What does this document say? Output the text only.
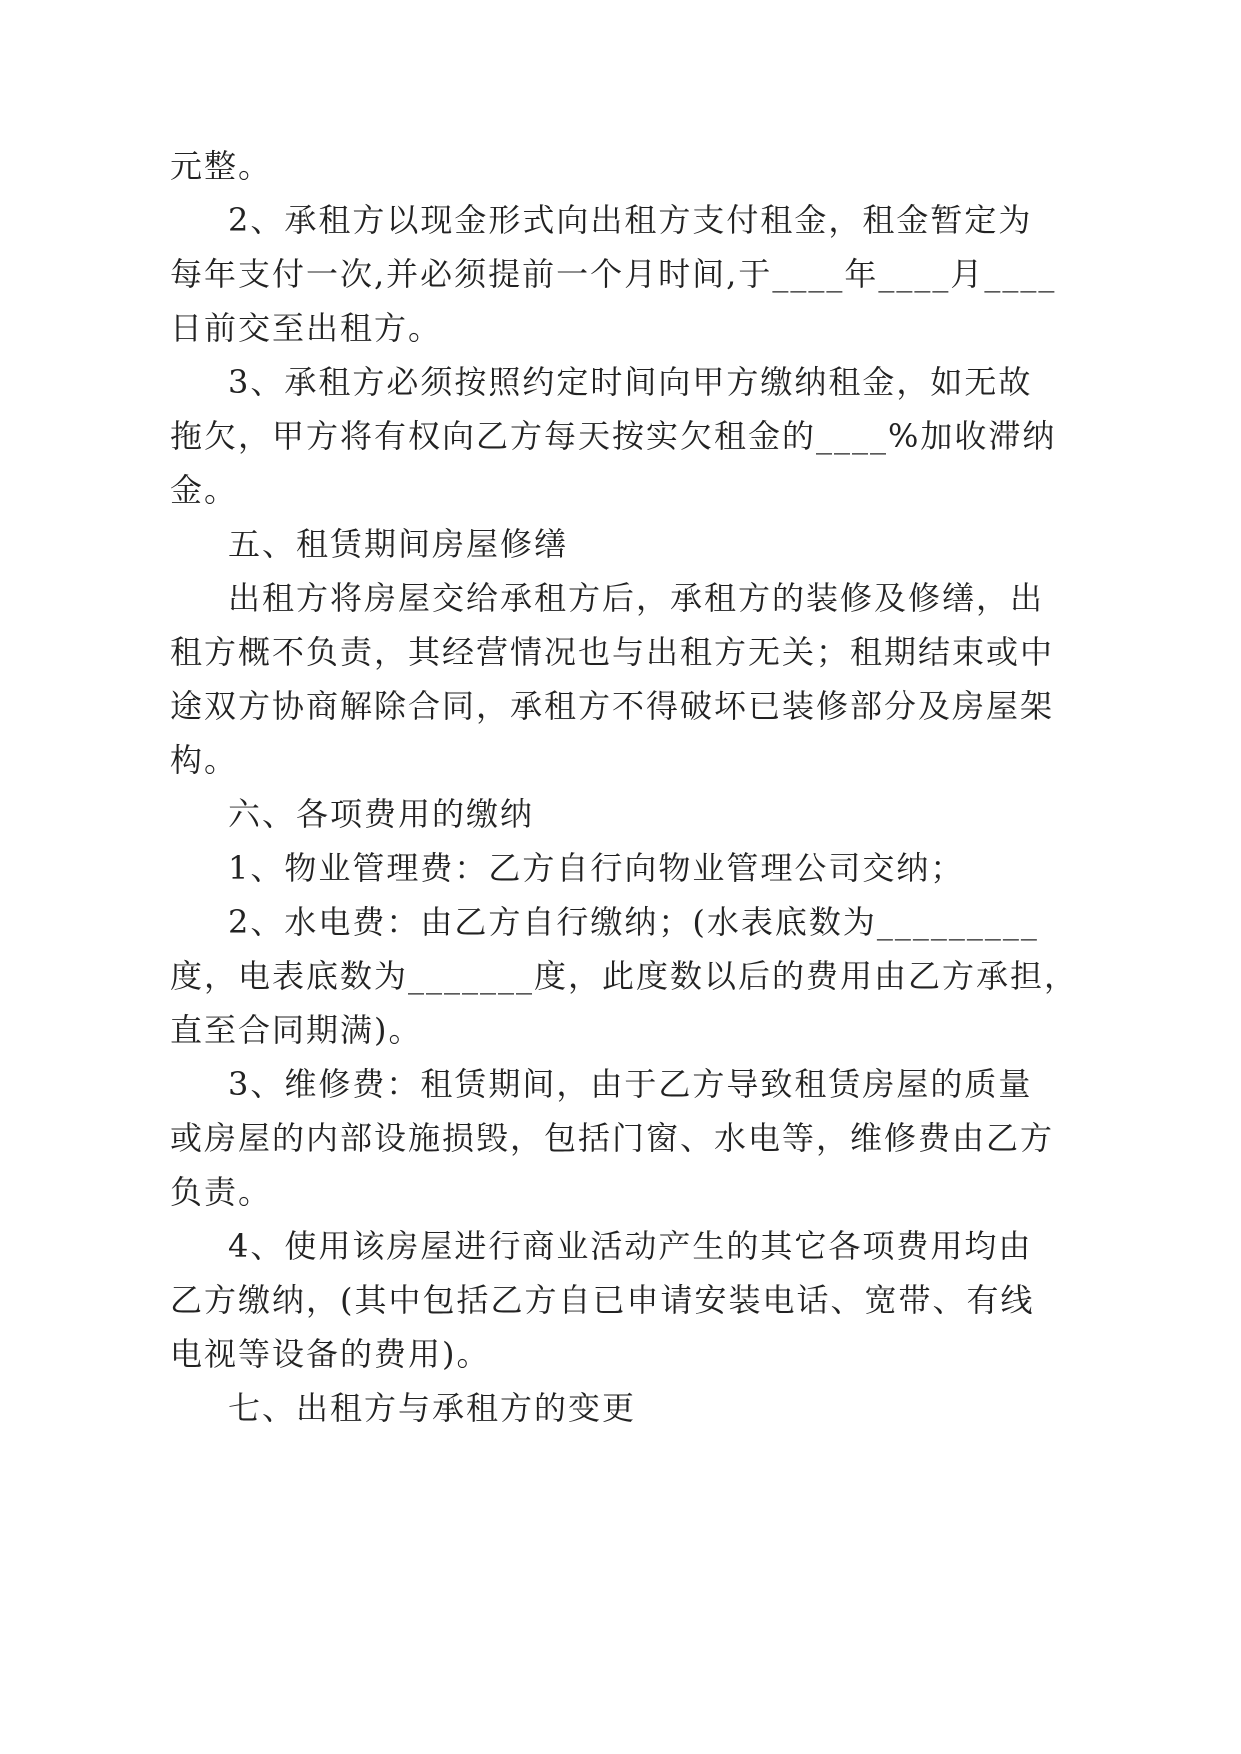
元整。
2、承租方以现金形式向出租方支付租金，租金暂定为
每年支付一次,并必须提前一个月时间,于____年____月____
日前交至出租方。
3、承租方必须按照约定时间向甲方缴纳租金，如无故
拖欠，甲方将有权向乙方每天按实欠租金的____%加收滞纳
金。
五、租赁期间房屋修缮
出租方将房屋交给承租方后，承租方的装修及修缮，出
租方概不负责，其经营情况也与出租方无关；租期结束或中
途双方协商解除合同，承租方不得破坏已装修部分及房屋架
构。
六、各项费用的缴纳
1、物业管理费：乙方自行向物业管理公司交纳；
2、水电费：由乙方自行缴纳；(水表底数为_________
度，电表底数为_______度，此度数以后的费用由乙方承担，
直至合同期满)。
3、维修费：租赁期间，由于乙方导致租赁房屋的质量
或房屋的内部设施损毁，包括门窗、水电等，维修费由乙方
负责。
4、使用该房屋进行商业活动产生的其它各项费用均由
乙方缴纳，(其中包括乙方自已申请安装电话、宽带、有线
电视等设备的费用)。
七、出租方与承租方的变更
